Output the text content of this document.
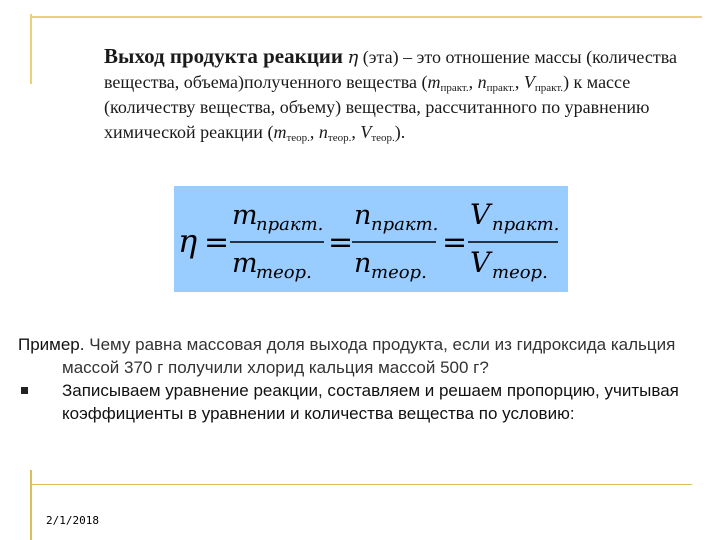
Выход продукта реакции η (эта) – это отношение массы (количества вещества, объема)полученного вещества ($m_{практ.}$, $n_{практ.}$, $V_{практ.}$) к массе (количеству вещества, объему) вещества, рассчитанного по уравнению химической реакции ($m_{теор.}$, $n_{теор.}$, $V_{теор.}$).
η =
m
практ.
m
теор.
=
n практ.
n теор.
=
V практ.
V теор.

Пример. Чему равна массовая доля выхода продукта, если из гидроксида кальция массой 370 г получили хлорид кальция массой 500 г?

Записываем уравнение реакции, составляем и решаем пропорцию, учитывая коэффициенты в уравнении и количества вещества по условию:

2/1/2018
